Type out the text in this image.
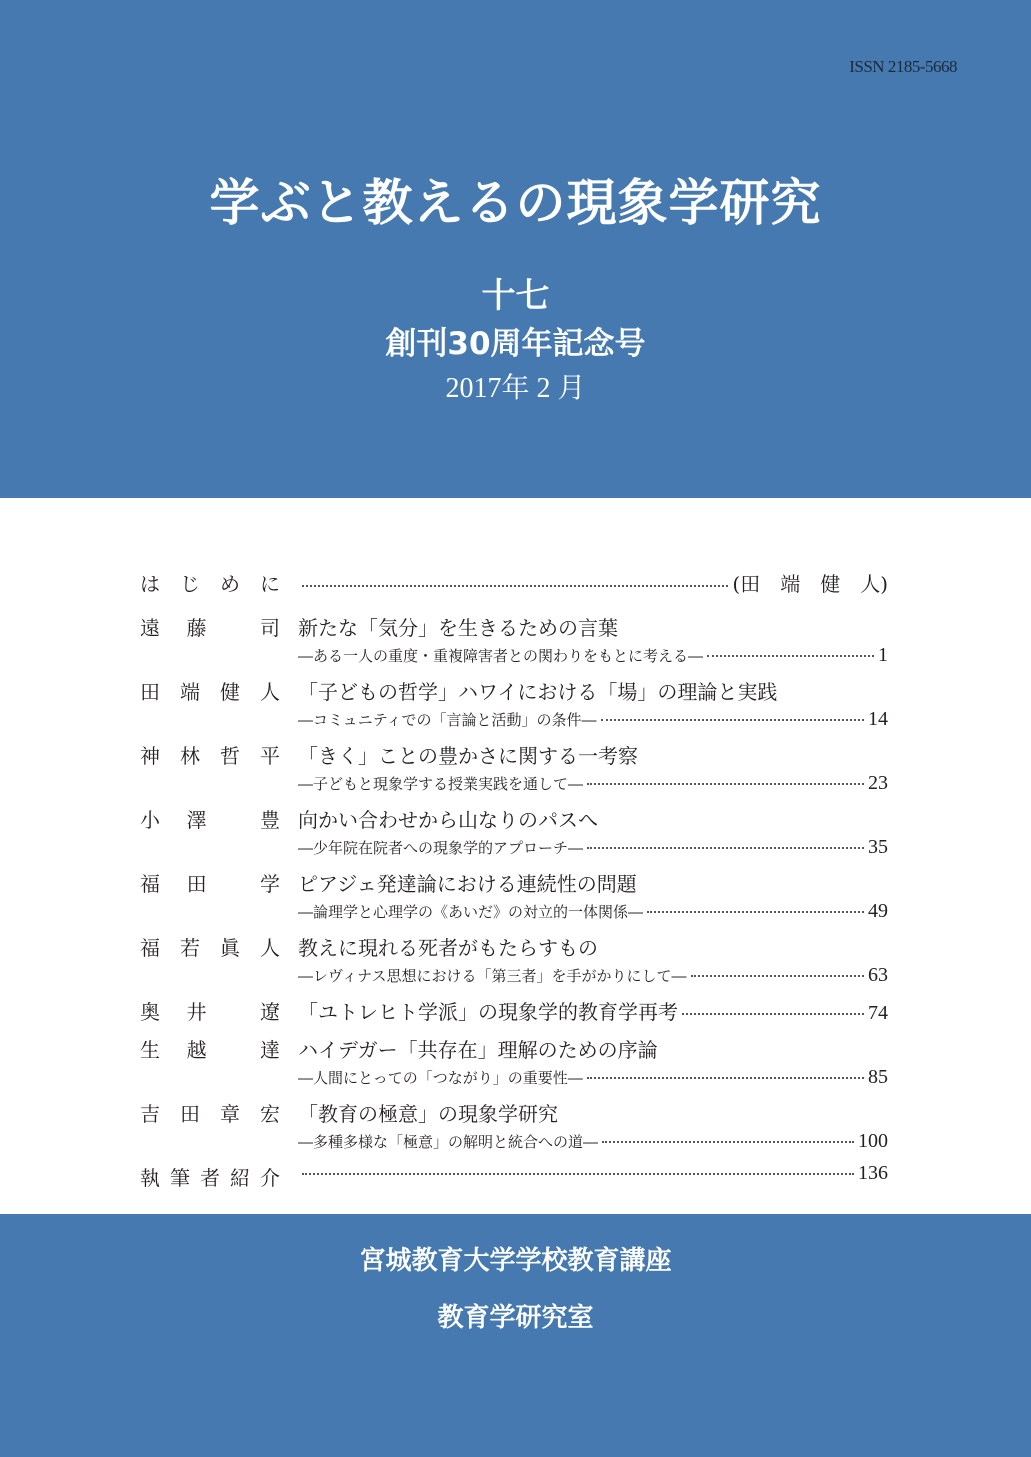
ISSN 2185-5668
学ぶと教えるの現象学研究
十七
創刊30周年記念号
2017年 2 月
は じ め に	(田　端　健　人)
遠 藤	司 新たな「気分」を生きるための言葉
―ある一人の重度・重複障害者との関わりをもとに考える―	1
田 端 健 人 「子どもの哲学」ハワイにおける「場」の理論と実践
―コミュニティでの「言論と活動」の条件―	14
神 林 哲 平 「きく」ことの豊かさに関する一考察
―子どもと現象学する授業実践を通して―	23
小 澤	豊 向かい合わせから山なりのパスへ
―少年院在院者への現象学的アプローチ―	35
福 田	学 ピアジェ発達論における連続性の問題
―論理学と心理学の《あいだ》の対立的一体関係―	49
福 若 眞 人 教えに現れる死者がもたらすもの
―レヴィナス思想における「第三者」を手がかりにして―	63
奥 井	遼 「ユトレヒト学派」の現象学的教育学再考	74
生 越	達 ハイデガー「共存在」理解のための序論
―人間にとっての「つながり」の重要性―	85
吉 田 章 宏 「教育の極意」の現象学研究
―多種多様な「極意」の解明と統合への道―	100
執 筆 者 紹 介	136
宮城教育大学学校教育講座
教育学研究室
